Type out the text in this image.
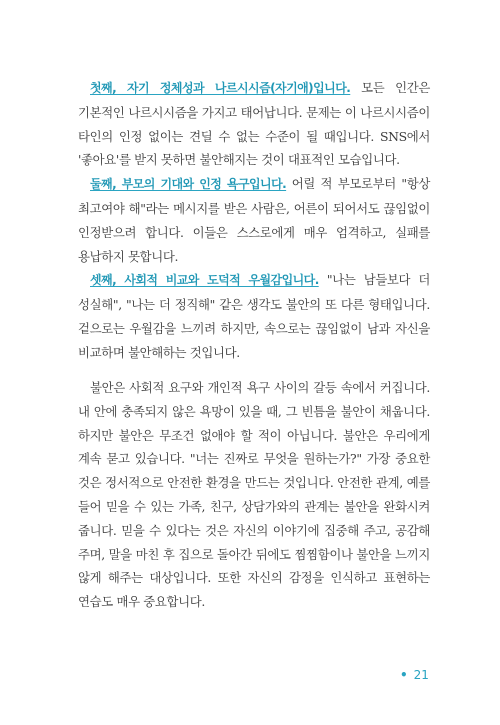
첫째, 자기 정체성과 나르시시즘(자기애)입니다. 모든 인간은 기본적인 나르시시즘을 가지고 태어납니다. 문제는 이 나르시시즘이 타인의 인정 없이는 견딜 수 없는 수준이 될 때입니다. SNS에서 '좋아요'를 받지 못하면 불안해지는 것이 대표적인 모습입니다.

둘째, 부모의 기대와 인정 욕구입니다. 어릴 적 부모로부터 "항상 최고여야 해"라는 메시지를 받은 사람은, 어른이 되어서도 끊임없이 인정받으려 합니다. 이들은 스스로에게 매우 엄격하고, 실패를 용납하지 못합니다.

셋째, 사회적 비교와 도덕적 우월감입니다. "나는 남들보다 더 성실해", "나는 더 정직해" 같은 생각도 불안의 또 다른 형태입니다. 겉으로는 우월감을 느끼려 하지만, 속으로는 끊임없이 남과 자신을 비교하며 불안해하는 것입니다.

불안은 사회적 요구와 개인적 욕구 사이의 갈등 속에서 커집니다. 내 안에 충족되지 않은 욕망이 있을 때, 그 빈틈을 불안이 채웁니다. 하지만 불안은 무조건 없애야 할 적이 아닙니다. 불안은 우리에게 계속 묻고 있습니다. "너는 진짜로 무엇을 원하는가?" 가장 중요한 것은 정서적으로 안전한 환경을 만드는 것입니다. 안전한 관계, 예를 들어 믿을 수 있는 가족, 친구, 상담가와의 관계는 불안을 완화시켜 줍니다. 믿을 수 있다는 것은 자신의 이야기에 집중해 주고, 공감해 주며, 말을 마친 후 집으로 돌아간 뒤에도 찜찜함이나 불안을 느끼지 않게 해주는 대상입니다. 또한 자신의 감정을 인식하고 표현하는 연습도 매우 중요합니다.

• 21
